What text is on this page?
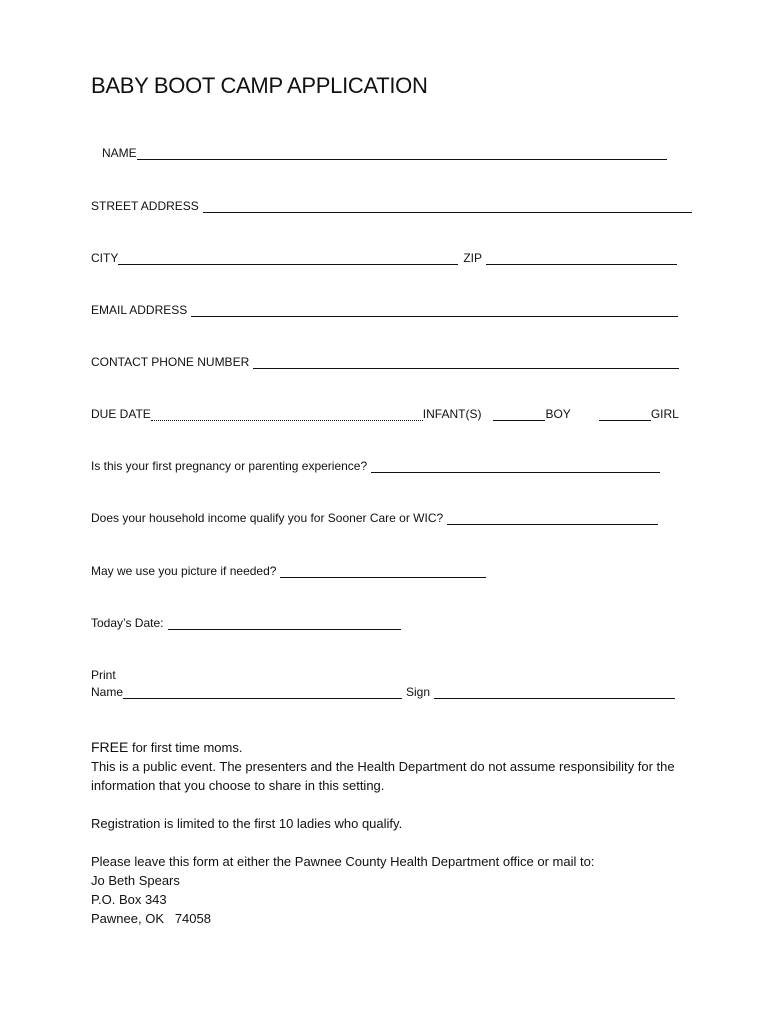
BABY BOOT CAMP APPLICATION
NAME
STREET ADDRESS
CITY	ZIP
EMAIL ADDRESS
CONTACT PHONE NUMBER
DUE DATE	INFANT(S)	BOY	GIRL
Is this your first pregnancy or parenting experience?
Does your household income qualify you for Sooner Care or WIC?
May we use you picture if needed?
Today’s Date:
Print
Name	Sign

FREE for first time moms.

This is a public event. The presenters and the Health Department do not assume responsibility for the information that you choose to share in this setting.

Registration is limited to the first 10 ladies who qualify.

Please leave this form at either the Pawnee County Health Department office or mail to:

Jo Beth Spears

P.O. Box 343

Pawnee, OK   74058
